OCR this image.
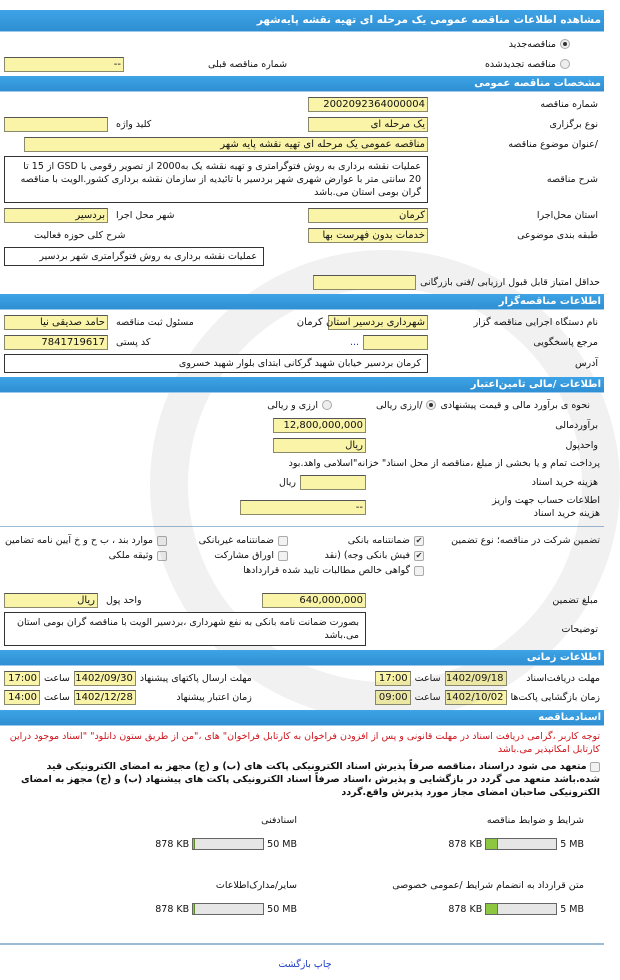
مشاهده اطلاعات مناقصه عمومی یک مرحله ای تهیه نقشه پایه‌شهر
مناقصه‌جدید
مناقصه تجدیدشده
شماره مناقصه قبلی
--
مشخصات مناقصه عمومی
شماره مناقصه
2002092364000004
نوع برگزاری
یک مرحله ای
کلید واژه
/عنوان موضوع مناقصه
مناقصه عمومی یک مرحله ای تهیه نقشه پایه شهر
شرح مناقصه
عملیات نقشه برداری به روش فتوگرامتری و تهیه نقشه یک به2000 از تصویر رقومی با GSD از 15 تا 20 سانتی متر با عوارض شهری شهر بردسیر با تائیدیه از سازمان نقشه برداری کشور.الویت با مناقصه گران بومی استان می.باشد
استان محل‌اجرا
کرمان
شهر محل اجرا
بردسیر
طبقه بندی موضوعی
خدمات بدون فهرست بها
شرح کلی حوزه فعالیت
عملیات نقشه برداری به روش فتوگرامتری شهر بردسیر
حداقل امتیاز قابل قبول ارزیابی /فنی بازرگانی
اطلاعات مناقصه‌گزار
نام دستگاه اجرایی مناقصه گزار
شهرداری بردسیر استان کرمان
مسئول ثبت مناقصه
حامد صدیقی نیا
مرجع پاسخگویی
...
کد پستی
7841719617
آدرس
کرمان بردسیر خیابان شهید گرکانی ابتدای بلوار شهید خسروی
اطلاعات /مالی تامین‌اعتبار
نحوه ی برآورد مالی و قیمت پیشنهادی
/ارزی ریالی
ارزی و ریالی
برآوردمالی
12,800,000,000
واحدپول
ریال
پرداخت تمام و یا بخشی از مبلغ ،مناقصه از محل اسناد" خزانه"اسلامی واهد.بود
هزینه خرید اسناد
ریال
اطلاعات حساب جهت واریز هزینه خرید اسناد
--
تضمین شرکت در مناقصه؛ نوع تضمین
✔
ضمانتنامه بانکی
ضمانتنامه غیربانکی
موارد بند ، ب ح و خ آیین نامه تضامین
✔
فیش بانکی وجه) (نقد
اوراق مشارکت
وثیقه ملکی
گواهی خالص مطالبات تایید شده قراردادها
مبلغ تضمین
640,000,000
واحد پول
ریال
توضیحات
بصورت ضمانت نامه بانکی به نفع شهرداری ،بردسیر الویت با مناقصه گران بومی استان می.باشد
اطلاعات زمانی
مهلت دریافت‌اسناد
1402/09/18
ساعت
17:00
مهلت ارسال پاکتهای پیشنهاد
1402/09/30
ساعت
17:00
زمان بازگشایی پاکت‌ها
1402/10/02
ساعت
09:00
زمان اعتبار پیشنهاد
1402/12/28
ساعت
14:00
اسنادمناقصه
توجه کاربر ،گرامی دریافت اسناد در مهلت قانونی و پس از افزودن فراخوان به کارتابل فراخوان" های ،"من از طریق ستون دانلود" "اسناد موجود دراین کارتابل امکانپذیر می.باشد
متعهد می شود دراسناد ،مناقصه صرفاً پذیرش اسناد الکترونیکی پاکت های (ب) و (ج) مجهز به امضای الکترونیکی قید شده.باشد متعهد می گردد در بازگشایی و پذیرش ،اسناد صرفاً اسناد الکترونیکی پاکت های پیشنهاد (ب) و (ج) مجهز به امضای الکترونیکی صاحبان امضای مجاز مورد پذیرش واقع.گردد
شرایط و ضوابط مناقصه
878 KB	5 MB
اسنادفنی
878 KB	50 MB
متن قرارداد به انضمام شرایط /عمومی خصوصی
878 KB	5 MB
سایر/مدارک‌اطلاعات
878 KB	50 MB
چاپ بازگشت
